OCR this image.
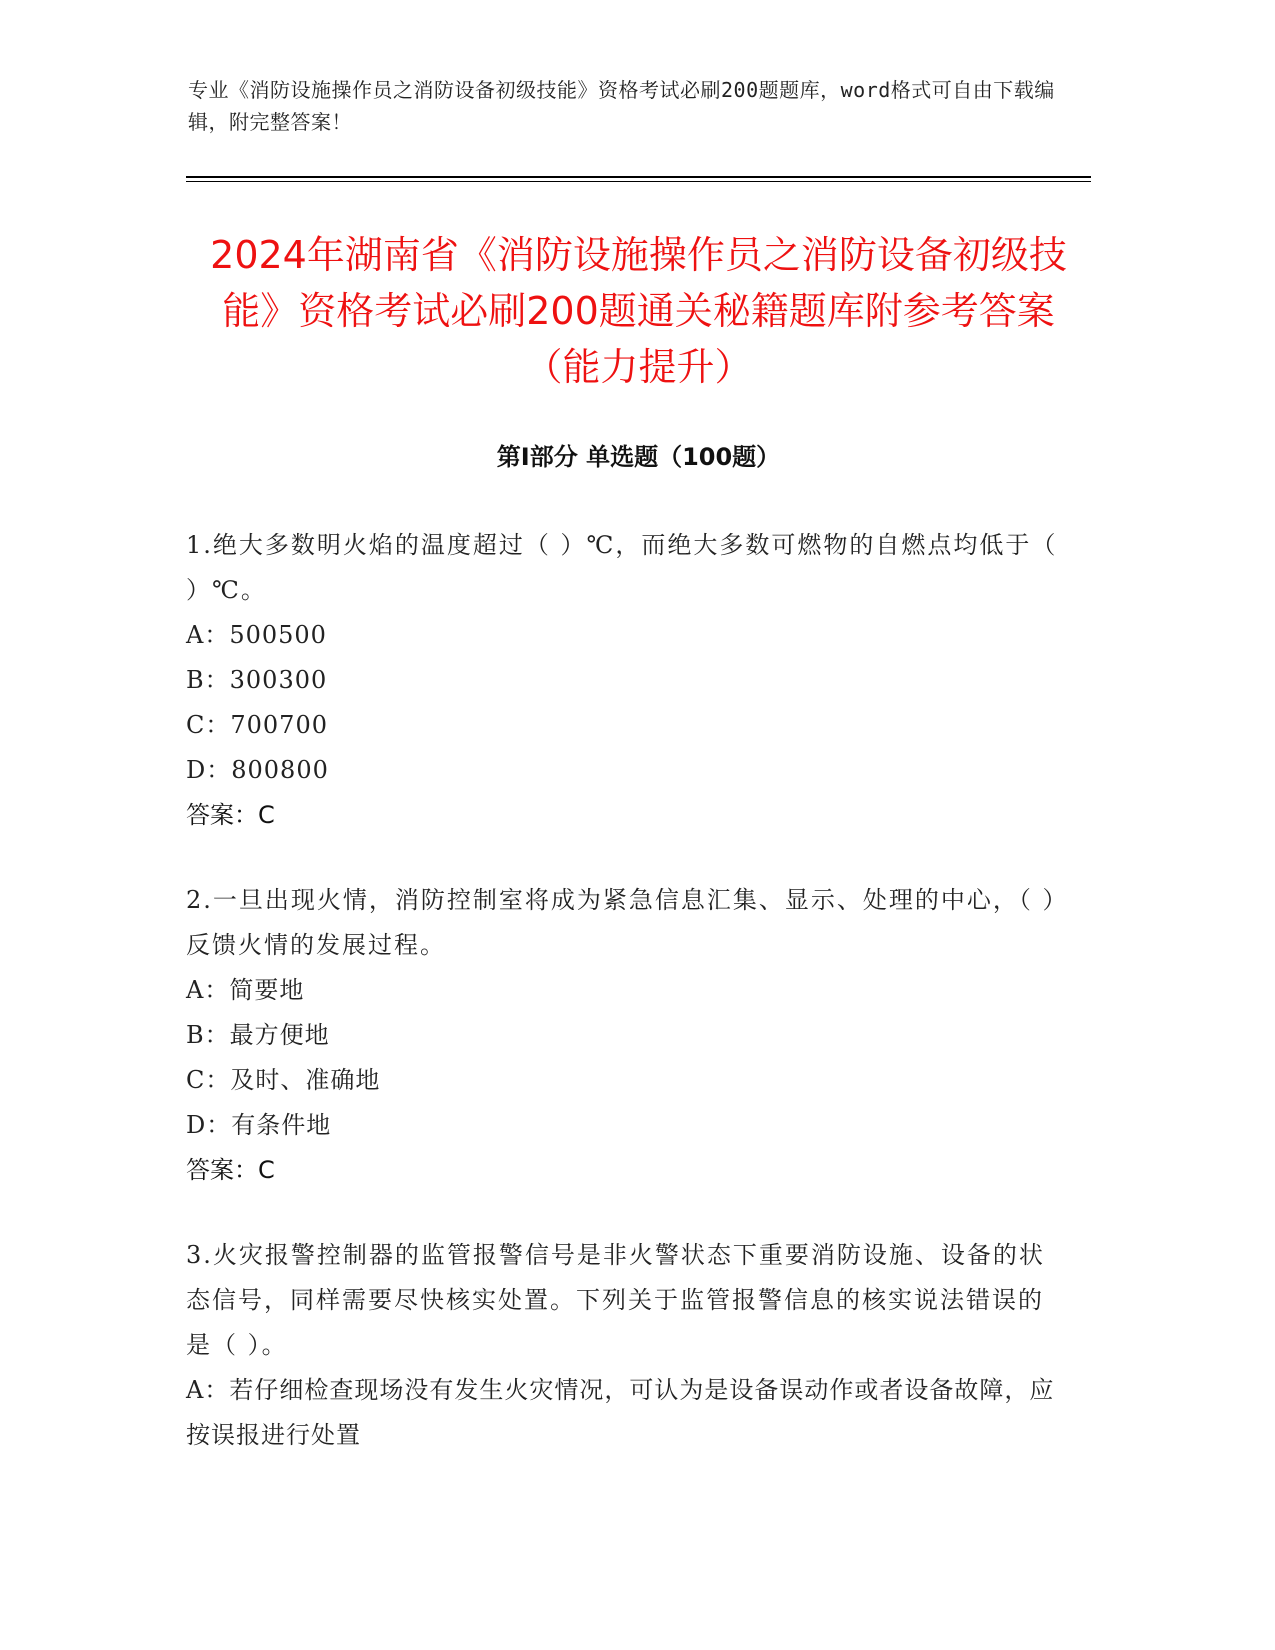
专业《消防设施操作员之消防设备初级技能》资格考试必刷200题题库，word格式可自由下载编辑，附完整答案！
2024年湖南省《消防设施操作员之消防设备初级技能》资格考试必刷200题通关秘籍题库附参考答案（能力提升）
第Ⅰ部分 单选题（100题）
1.绝大多数明火焰的温度超过（ ）℃，而绝大多数可燃物的自燃点均低于（ ）℃。
A：500500
B：300300
C：700700
D：800800
答案：C
2.一旦出现火情，消防控制室将成为紧急信息汇集、显示、处理的中心，（ ）反馈火情的发展过程。
A：简要地
B：最方便地
C：及时、准确地
D：有条件地
答案：C
3.火灾报警控制器的监管报警信号是非火警状态下重要消防设施、设备的状态信号，同样需要尽快核实处置。下列关于监管报警信息的核实说法错误的是（ ）。
A：若仔细检查现场没有发生火灾情况，可认为是设备误动作或者设备故障，应按误报进行处置
